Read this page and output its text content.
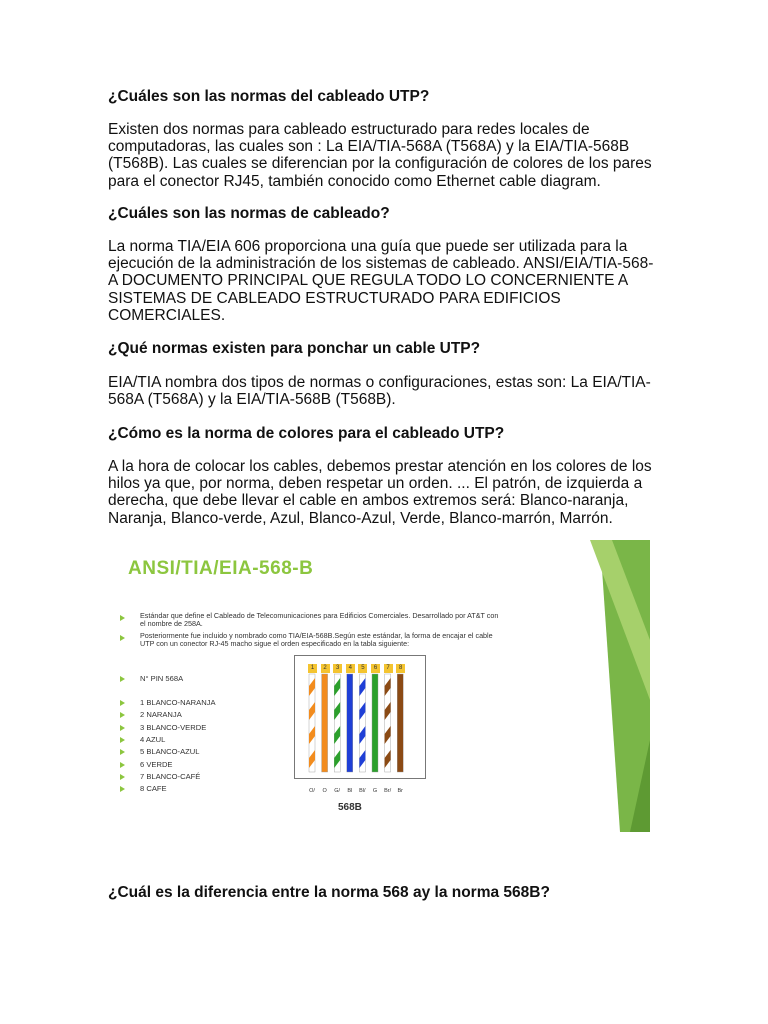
¿Cuáles son las normas del cableado UTP?

Existen dos normas para cableado estructurado para redes locales de
computadoras, las cuales son : La EIA/TIA-568A (T568A) y la EIA/TIA-568B
(T568B). Las cuales se diferencian por la configuración de colores de los pares
para el conector RJ45, también conocido como Ethernet cable diagram.

¿Cuáles son las normas de cableado?

La norma TIA/EIA 606 proporciona una guía que puede ser utilizada para la
ejecución de la administración de los sistemas de cableado. ANSI/EIA/TIA-568-
A DOCUMENTO PRINCIPAL QUE REGULA TODO LO CONCERNIENTE A
SISTEMAS DE CABLEADO ESTRUCTURADO PARA EDIFICIOS
COMERCIALES.

¿Qué normas existen para ponchar un cable UTP?

EIA/TIA nombra dos tipos de normas o configuraciones, estas son: La EIA/TIA-
568A (T568A) y la EIA/TIA-568B (T568B).

¿Cómo es la norma de colores para el cableado UTP?

A la hora de colocar los cables, debemos prestar atención en los colores de los
hilos ya que, por norma, deben respetar un orden. ... El patrón, de izquierda a
derecha, que debe llevar el cable en ambos extremos será: Blanco-naranja,
Naranja, Blanco-verde, Azul, Blanco-Azul, Verde, Blanco-marrón, Marrón.

ANSI/TIA/EIA-568-B
Estándar que define el Cableado de Telecomunicaciones para Edificios Comerciales. Desarrollado por AT&T con
el nombre de 258A.
Posteriormente fue incluido y nombrado como TIA/EIA-568B.Según este estándar, la forma de encajar el cable
UTP con un conector RJ-45 macho sigue el orden especificado en la tabla siguiente:
N° PIN 568A
568B
1 BLANCO-NARANJA
2 NARANJA
3 BLANCO-VERDE
4 AZUL
5 BLANCO-AZUL
6 VERDE
7 BLANCO-CAFÉ
8 CAFE
1	2	3	4	5	6	7	8
O/	O	G/	Bl	Bl/	G	Br/	Br

¿Cuál es la diferencia entre la norma 568 ay la norma 568B?
